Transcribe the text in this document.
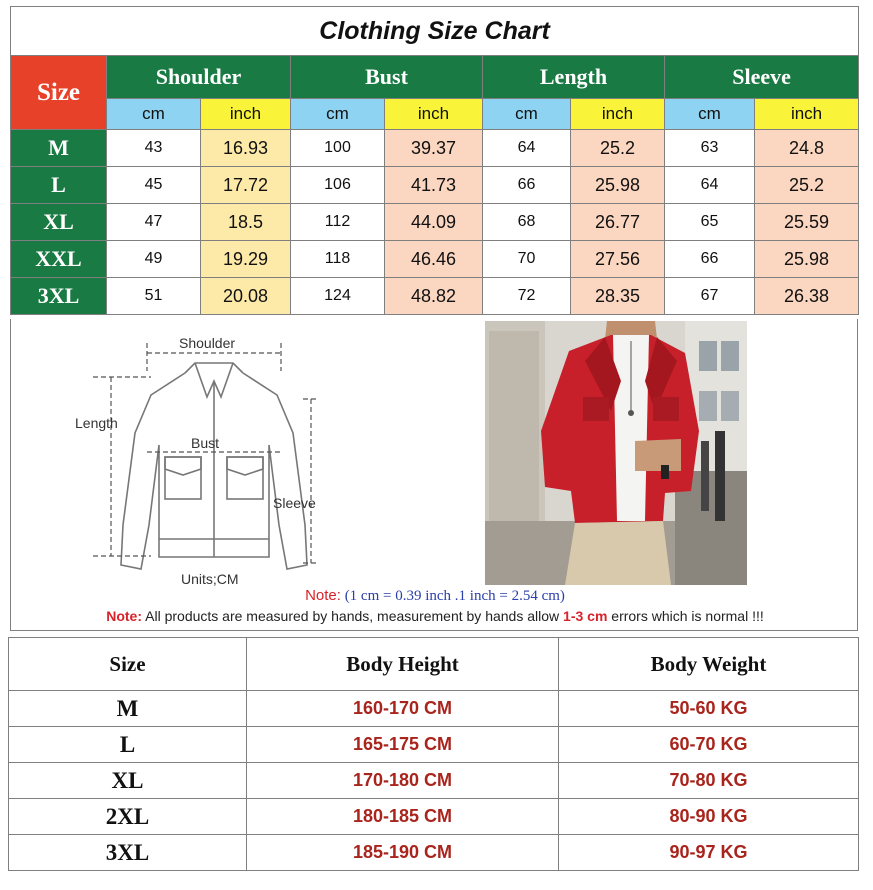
Clothing Size Chart								
Size	Shoulder		Bust		Length		Sleeve	
	cm	inch	cm	inch	cm	inch	cm	inch
M	43	16.93	100	39.37	64	25.2	63	24.8
L	45	17.72	106	41.73	66	25.98	64	25.2
XL	47	18.5	112	44.09	68	26.77	65	25.59
XXL	49	19.29	118	46.46	70	27.56	66	25.98
3XL	51	20.08	124	48.82	72	28.35	67	26.38
Shoulder
Length
Bust
Sleeve
Units;CM
Note: (1 cm = 0.39 inch .1 inch = 2.54 cm)
Note: All products are measured by hands, measurement by hands allow 1-3 cm errors which is normal !!!
Size	Body Height	Body Weight
M	160-170 CM	50-60 KG
L	165-175 CM	60-70 KG
XL	170-180 CM	70-80 KG
2XL	180-185 CM	80-90 KG
3XL	185-190 CM	90-97 KG
